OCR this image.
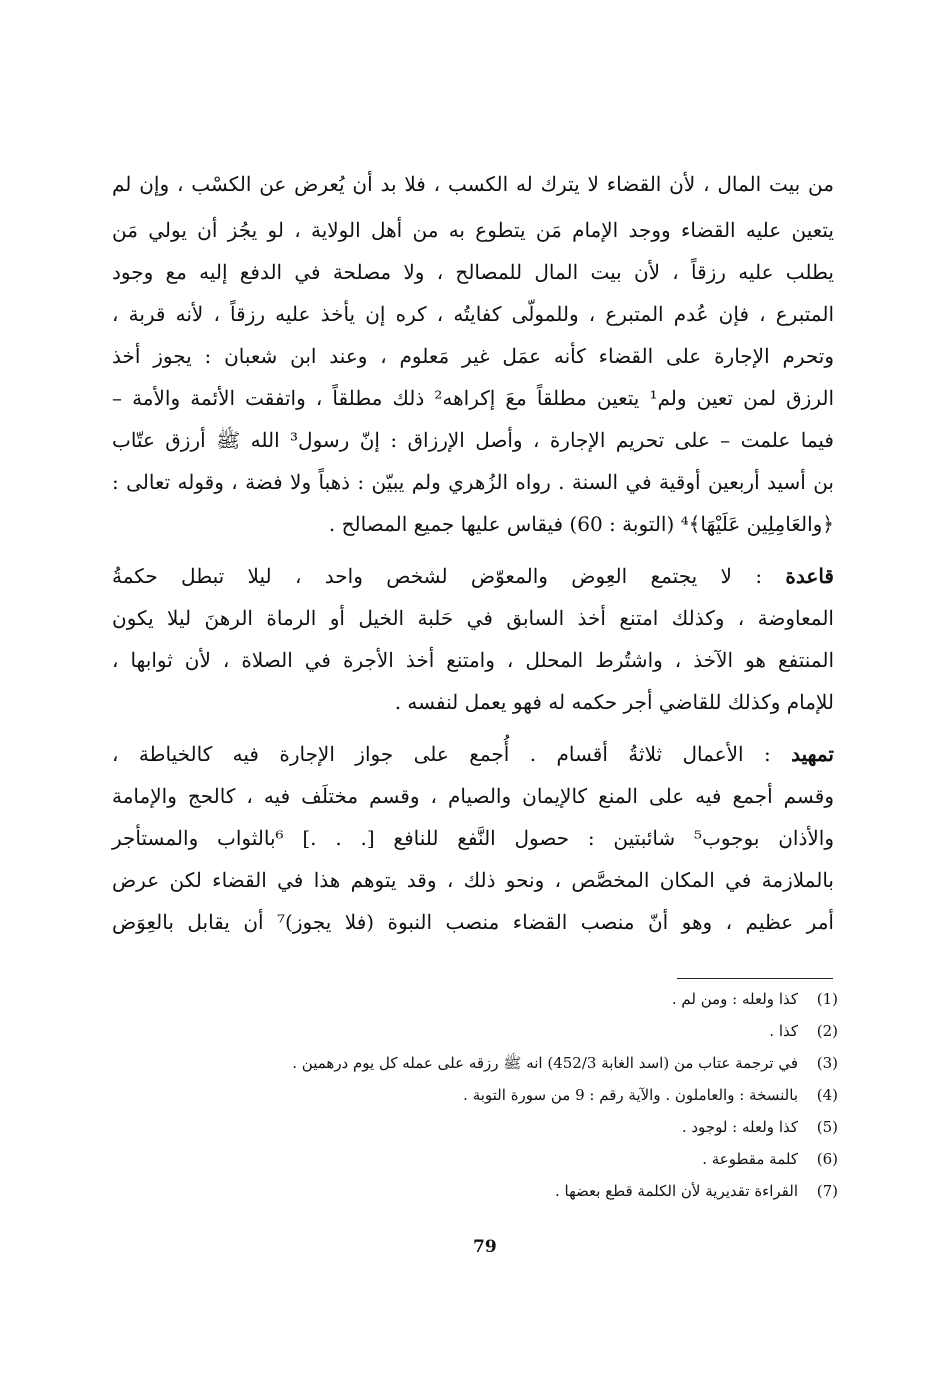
من بيت المال ، لأن القضاء لا يترك له الكسب ، فلا بد أن يُعرض عن الكسْب ، وإن لم
يتعين عليه القضاء ووجد الإمام مَن يتطوع به من أهل الولاية ، لو يجُز أن يولي مَن
يطلب عليه رزقاً ، لأن بيت المال للمصالح ، ولا مصلحة في الدفع إليه مع وجود
المتبرع ، فإن عُدم المتبرع ، وللمولّى كفايتُه ، كره إن يأخذ عليه رزقاً ، لأنه قربة ،
وتحرم الإجارة على القضاء كأنه عمَل غير مَعلوم ، وعند ابن شعبان : يجوز أخذ
الرزق لمن تعين ولم¹ يتعين مطلقاً معَ إكراهه² ذلك مطلقاً ، واتفقت الأئمة والأمة –
فيما علمت – على تحريم الإجارة ، وأصل الإرزاق : إنّ رسول³ الله ﷺ أرزق عتّاب
بن أسيد أربعين أوقية في السنة . رواه الزُهري ولم يبيّن : ذهباً ولا فضة ، وقوله تعالى :
﴿والعَامِلِين عَلَيْهَا﴾⁴ (التوبة : 60) فيقاس عليها جميع المصالح .
قاعدة : لا يجتمع العِوض والمعوّض لشخص واحد ، ليلا تبطل حكمةُ
المعاوضة ، وكذلك امتنع أخذ السابق في حَلبة الخيل أو الرماة الرهنَ ليلا يكون
المنتفع هو الآخذ ، واشتُرط المحلل ، وامتنع أخذ الأجرة في الصلاة ، لأن ثوابها ،
للإمام وكذلك للقاضي أجر حكمه له فهو يعمل لنفسه .
تمهيد : الأعمال ثلاثةُ أقسام . أُجمع على جواز الإجارة فيه كالخياطة ،
وقسم أجمع فيه على المنع كالإيمان والصيام ، وقسم مختلَف فيه ، كالحج والإمامة
والأذان بوجوب⁵ شائبتين : حصول النَّفع للنافع [. . .] ⁶بالثواب والمستأجر
بالملازمة في المكان المخصَّص ، ونحو ذلك ، وقد يتوهم هذا في القضاء لكن عرض
أمر عظيم ، وهو أنّ منصب القضاء منصب النبوة (فلا يجوز)⁷ أن يقابل بالعِوَض
(1)كذا ولعله : ومن لم .
(2)كذا .
(3)في ترجمة عتاب من (اسد الغابة 452/3) انه ﷺ رزقه على عمله كل يوم درهمين .
(4)بالنسخة : والعاملون . والآية رقم : 9 من سورة التوبة .
(5)كذا ولعله : لوجود .
(6)كلمة مقطوعة .
(7)القراءة تقديرية لأن الكلمة قطع بعضها .
79
